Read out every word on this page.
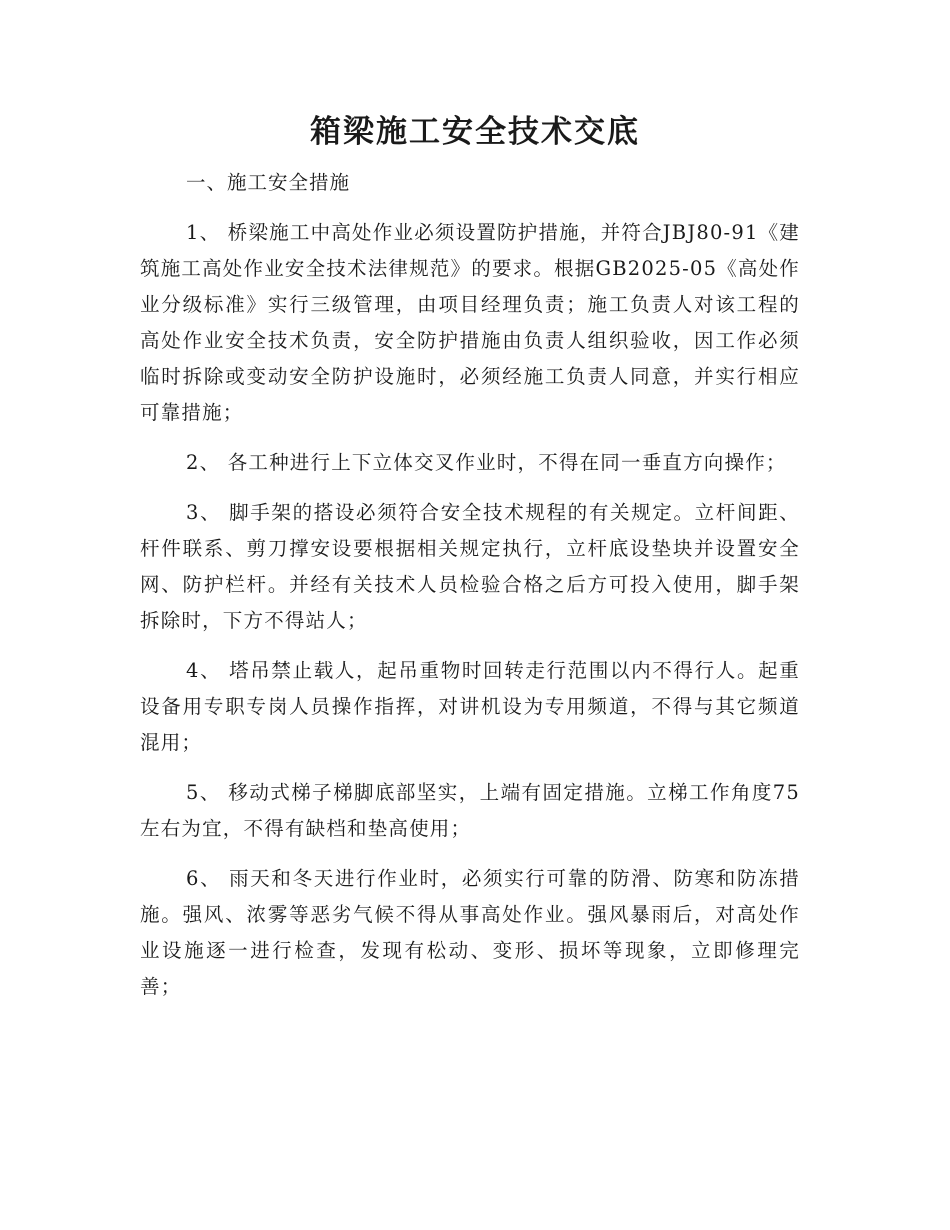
箱梁施工安全技术交底

一、施工安全措施

1、 桥梁施工中高处作业必须设置防护措施，并符合JBJ80-91《建筑施工高处作业安全技术法律规范》的要求。根据GB2025-05《高处作业分级标准》实行三级管理，由项目经理负责；施工负责人对该工程的高处作业安全技术负责，安全防护措施由负责人组织验收，因工作必须临时拆除或变动安全防护设施时，必须经施工负责人同意，并实行相应可靠措施；

2、 各工种进行上下立体交叉作业时，不得在同一垂直方向操作；

3、 脚手架的搭设必须符合安全技术规程的有关规定。立杆间距、杆件联系、剪刀撑安设要根据相关规定执行，立杆底设垫块并设置安全网、防护栏杆。并经有关技术人员检验合格之后方可投入使用，脚手架拆除时，下方不得站人；

4、 塔吊禁止载人，起吊重物时回转走行范围以内不得行人。起重设备用专职专岗人员操作指挥，对讲机设为专用频道，不得与其它频道混用；

5、 移动式梯子梯脚底部坚实，上端有固定措施。立梯工作角度75左右为宜，不得有缺档和垫高使用；

6、 雨天和冬天进行作业时，必须实行可靠的防滑、防寒和防冻措施。强风、浓雾等恶劣气候不得从事高处作业。强风暴雨后，对高处作业设施逐一进行检查，发现有松动、变形、损坏等现象，立即修理完善；
